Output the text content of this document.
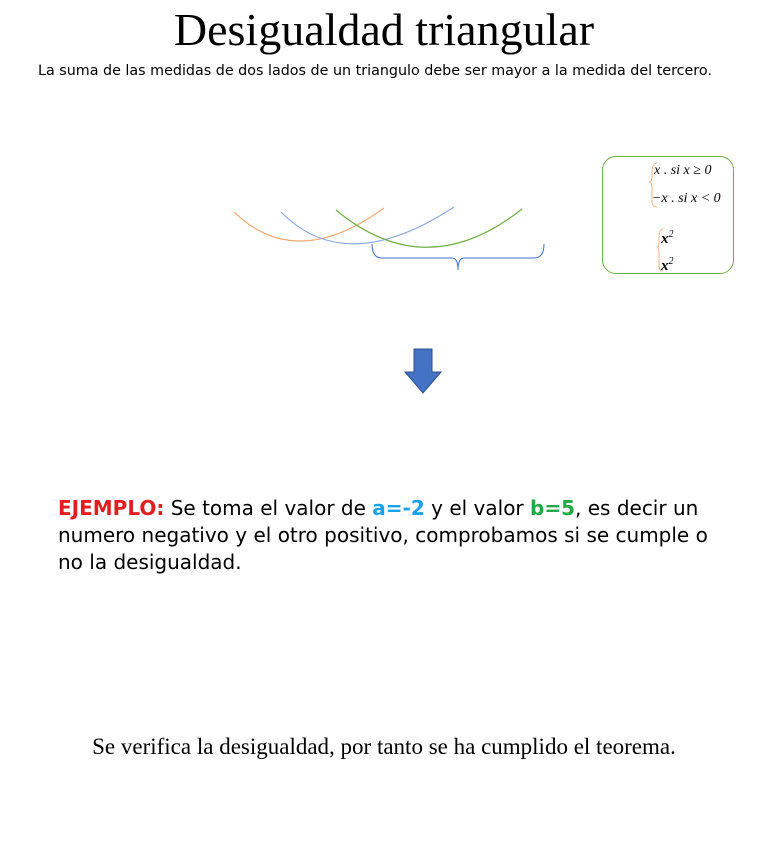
Desigualdad triangular
La suma de las medidas de dos lados de un triangulo debe ser mayor a la medida del tercero.
x . si x ≥ 0
−x . si x < 0
$x^2$
$x^2$
EJEMPLO: Se toma el valor de a=-2 y el valor b=5, es decir un numero negativo y el otro positivo, comprobamos si se cumple o no la desigualdad.
Se verifica la desigualdad, por tanto se ha cumplido el teorema.
